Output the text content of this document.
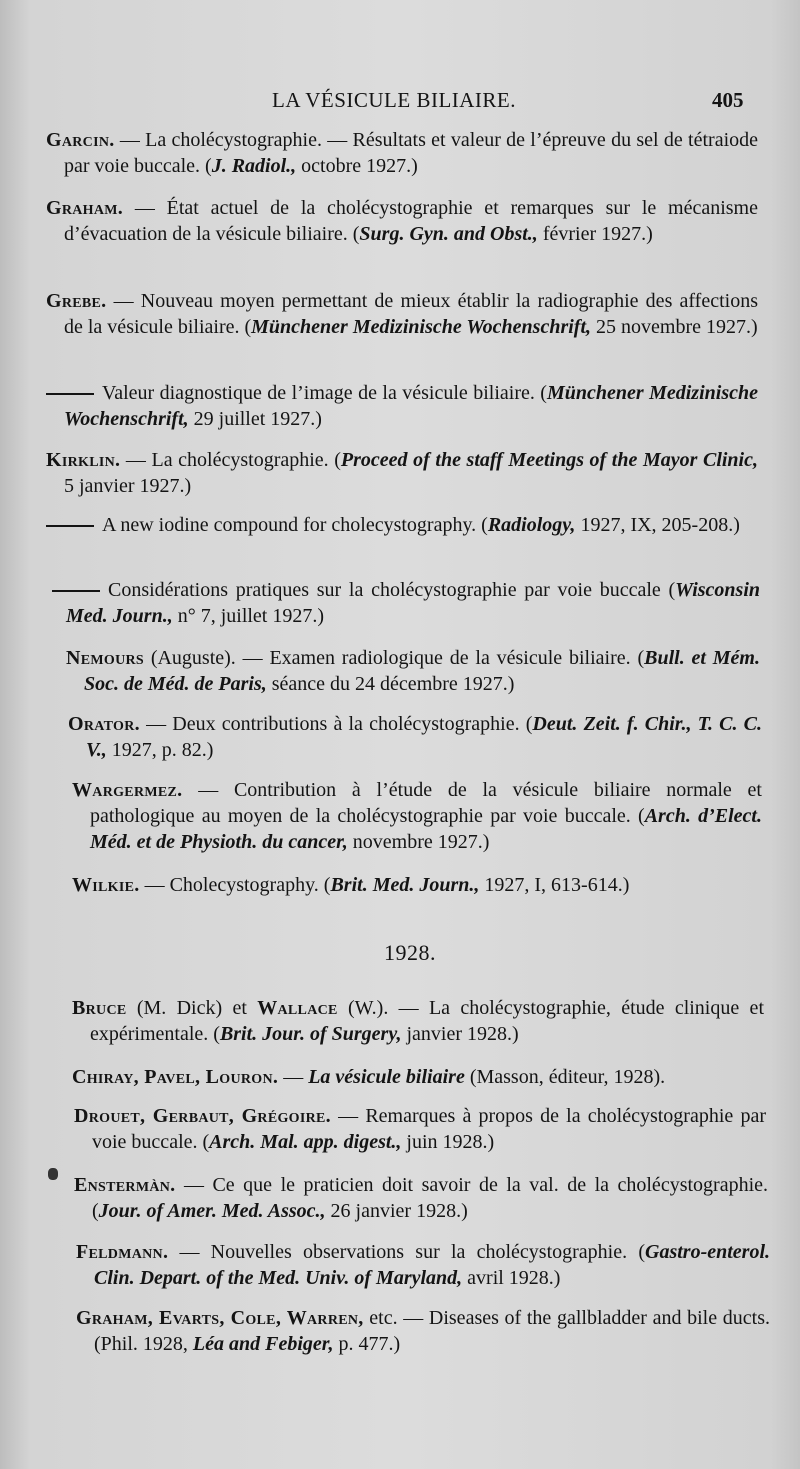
LA VÉSICULE BILIAIRE.	405
Garcin. — La cholécystographie. — Résultats et valeur de l’épreuve du sel de tétraiode par voie buccale. (J. Radiol., octobre 1927.)
Graham. — État actuel de la cholécystographie et remarques sur le mécanisme d’évacuation de la vésicule biliaire. (Surg. Gyn. and Obst., février 1927.)
Grebe. — Nouveau moyen permettant de mieux établir la radiographie des affections de la vésicule biliaire. (Münchener Medizinische Wochenschrift, 25 novembre 1927.)
Valeur diagnostique de l’image de la vésicule biliaire. (Münchener Medizinische Wochenschrift, 29 juillet 1927.)
Kirklin. — La cholécystographie. (Proceed of the staff Meetings of the Mayor Clinic, 5 janvier 1927.)
A new iodine compound for cholecystography. (Radiology, 1927, IX, 205-208.)
Considérations pratiques sur la cholécystographie par voie buccale (Wisconsin Med. Journ., n° 7, juillet 1927.)
Nemours (Auguste). — Examen radiologique de la vésicule biliaire. (Bull. et Mém. Soc. de Méd. de Paris, séance du 24 décembre 1927.)
Orator. — Deux contributions à la cholécystographie. (Deut. Zeit. f. Chir., T. C. C. V., 1927, p. 82.)
Wargermez. — Contribution à l’étude de la vésicule biliaire normale et pathologique au moyen de la cholécystographie par voie buccale. (Arch. d’Elect. Méd. et de Physioth. du cancer, novembre 1927.)
Wilkie. — Cholecystography. (Brit. Med. Journ., 1927, I, 613-614.)
1928.
Bruce (M. Dick) et Wallace (W.). — La cholécystographie, étude clinique et expérimentale. (Brit. Jour. of Surgery, janvier 1928.)
Chiray, Pavel, Louron. — La vésicule biliaire (Masson, éditeur, 1928).
Drouet, Gerbaut, Grégoire. — Remarques à propos de la cholécystographie par voie buccale. (Arch. Mal. app. digest., juin 1928.)
Enstermàn. — Ce que le praticien doit savoir de la val. de la cholécystographie. (Jour. of Amer. Med. Assoc., 26 janvier 1928.)
Feldmann. — Nouvelles observations sur la cholécystographie. (Gastro-enterol. Clin. Depart. of the Med. Univ. of Maryland, avril 1928.)
Graham, Evarts, Cole, Warren, etc. — Diseases of the gallbladder and bile ducts. (Phil. 1928, Léa and Febiger, p. 477.)
